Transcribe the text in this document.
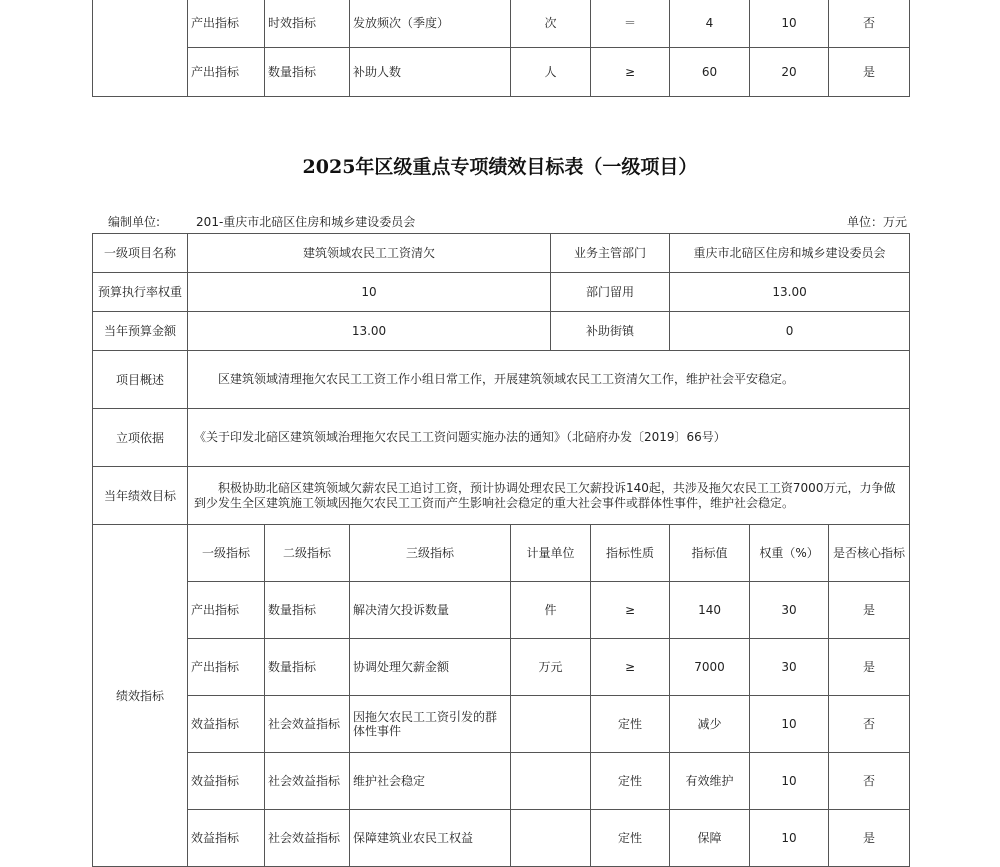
	产出指标	时效指标	发放频次（季度）	次	＝	4	10	否
	产出指标	数量指标	补助人数	人	≥	60	20	是
2025年区级重点专项绩效目标表（一级项目）
编制单位:	201-重庆市北碚区住房和城乡建设委员会	单位：万元
一级项目名称	建筑领域农民工工资清欠				业务主管部门		重庆市北碚区住房和城乡建设委员会		
预算执行率权重	10				部门留用		13.00		
当年预算金额	13.00				补助街镇		0		
项目概述	区建筑领域清理拖欠农民工工资工作小组日常工作，开展建筑领域农民工工资清欠工作，维护社会平安稳定。								
立项依据	《关于印发北碚区建筑领域治理拖欠农民工工资问题实施办法的通知》（北碚府办发〔2019〕66号）								
当年绩效目标	积极协助北碚区建筑领域欠薪农民工追讨工资，预计协调处理农民工欠薪投诉140起，共涉及拖欠农民工工资7000万元，力争做到少发生全区建筑施工领域因拖欠农民工工资而产生影响社会稳定的重大社会事件或群体性事件，维护社会稳定。								
绩效指标	一级指标	二级指标	三级指标	计量单位		指标性质	指标值	权重（%）	是否核心指标
	产出指标	数量指标	解决清欠投诉数量	件		≥	140	30	是
	产出指标	数量指标	协调处理欠薪金额	万元		≥	7000	30	是
	效益指标	社会效益指标	因拖欠农民工工资引发的群体性事件			定性	减少	10	否
	效益指标	社会效益指标	维护社会稳定			定性	有效维护	10	否
	效益指标	社会效益指标	保障建筑业农民工权益			定性	保障	10	是
